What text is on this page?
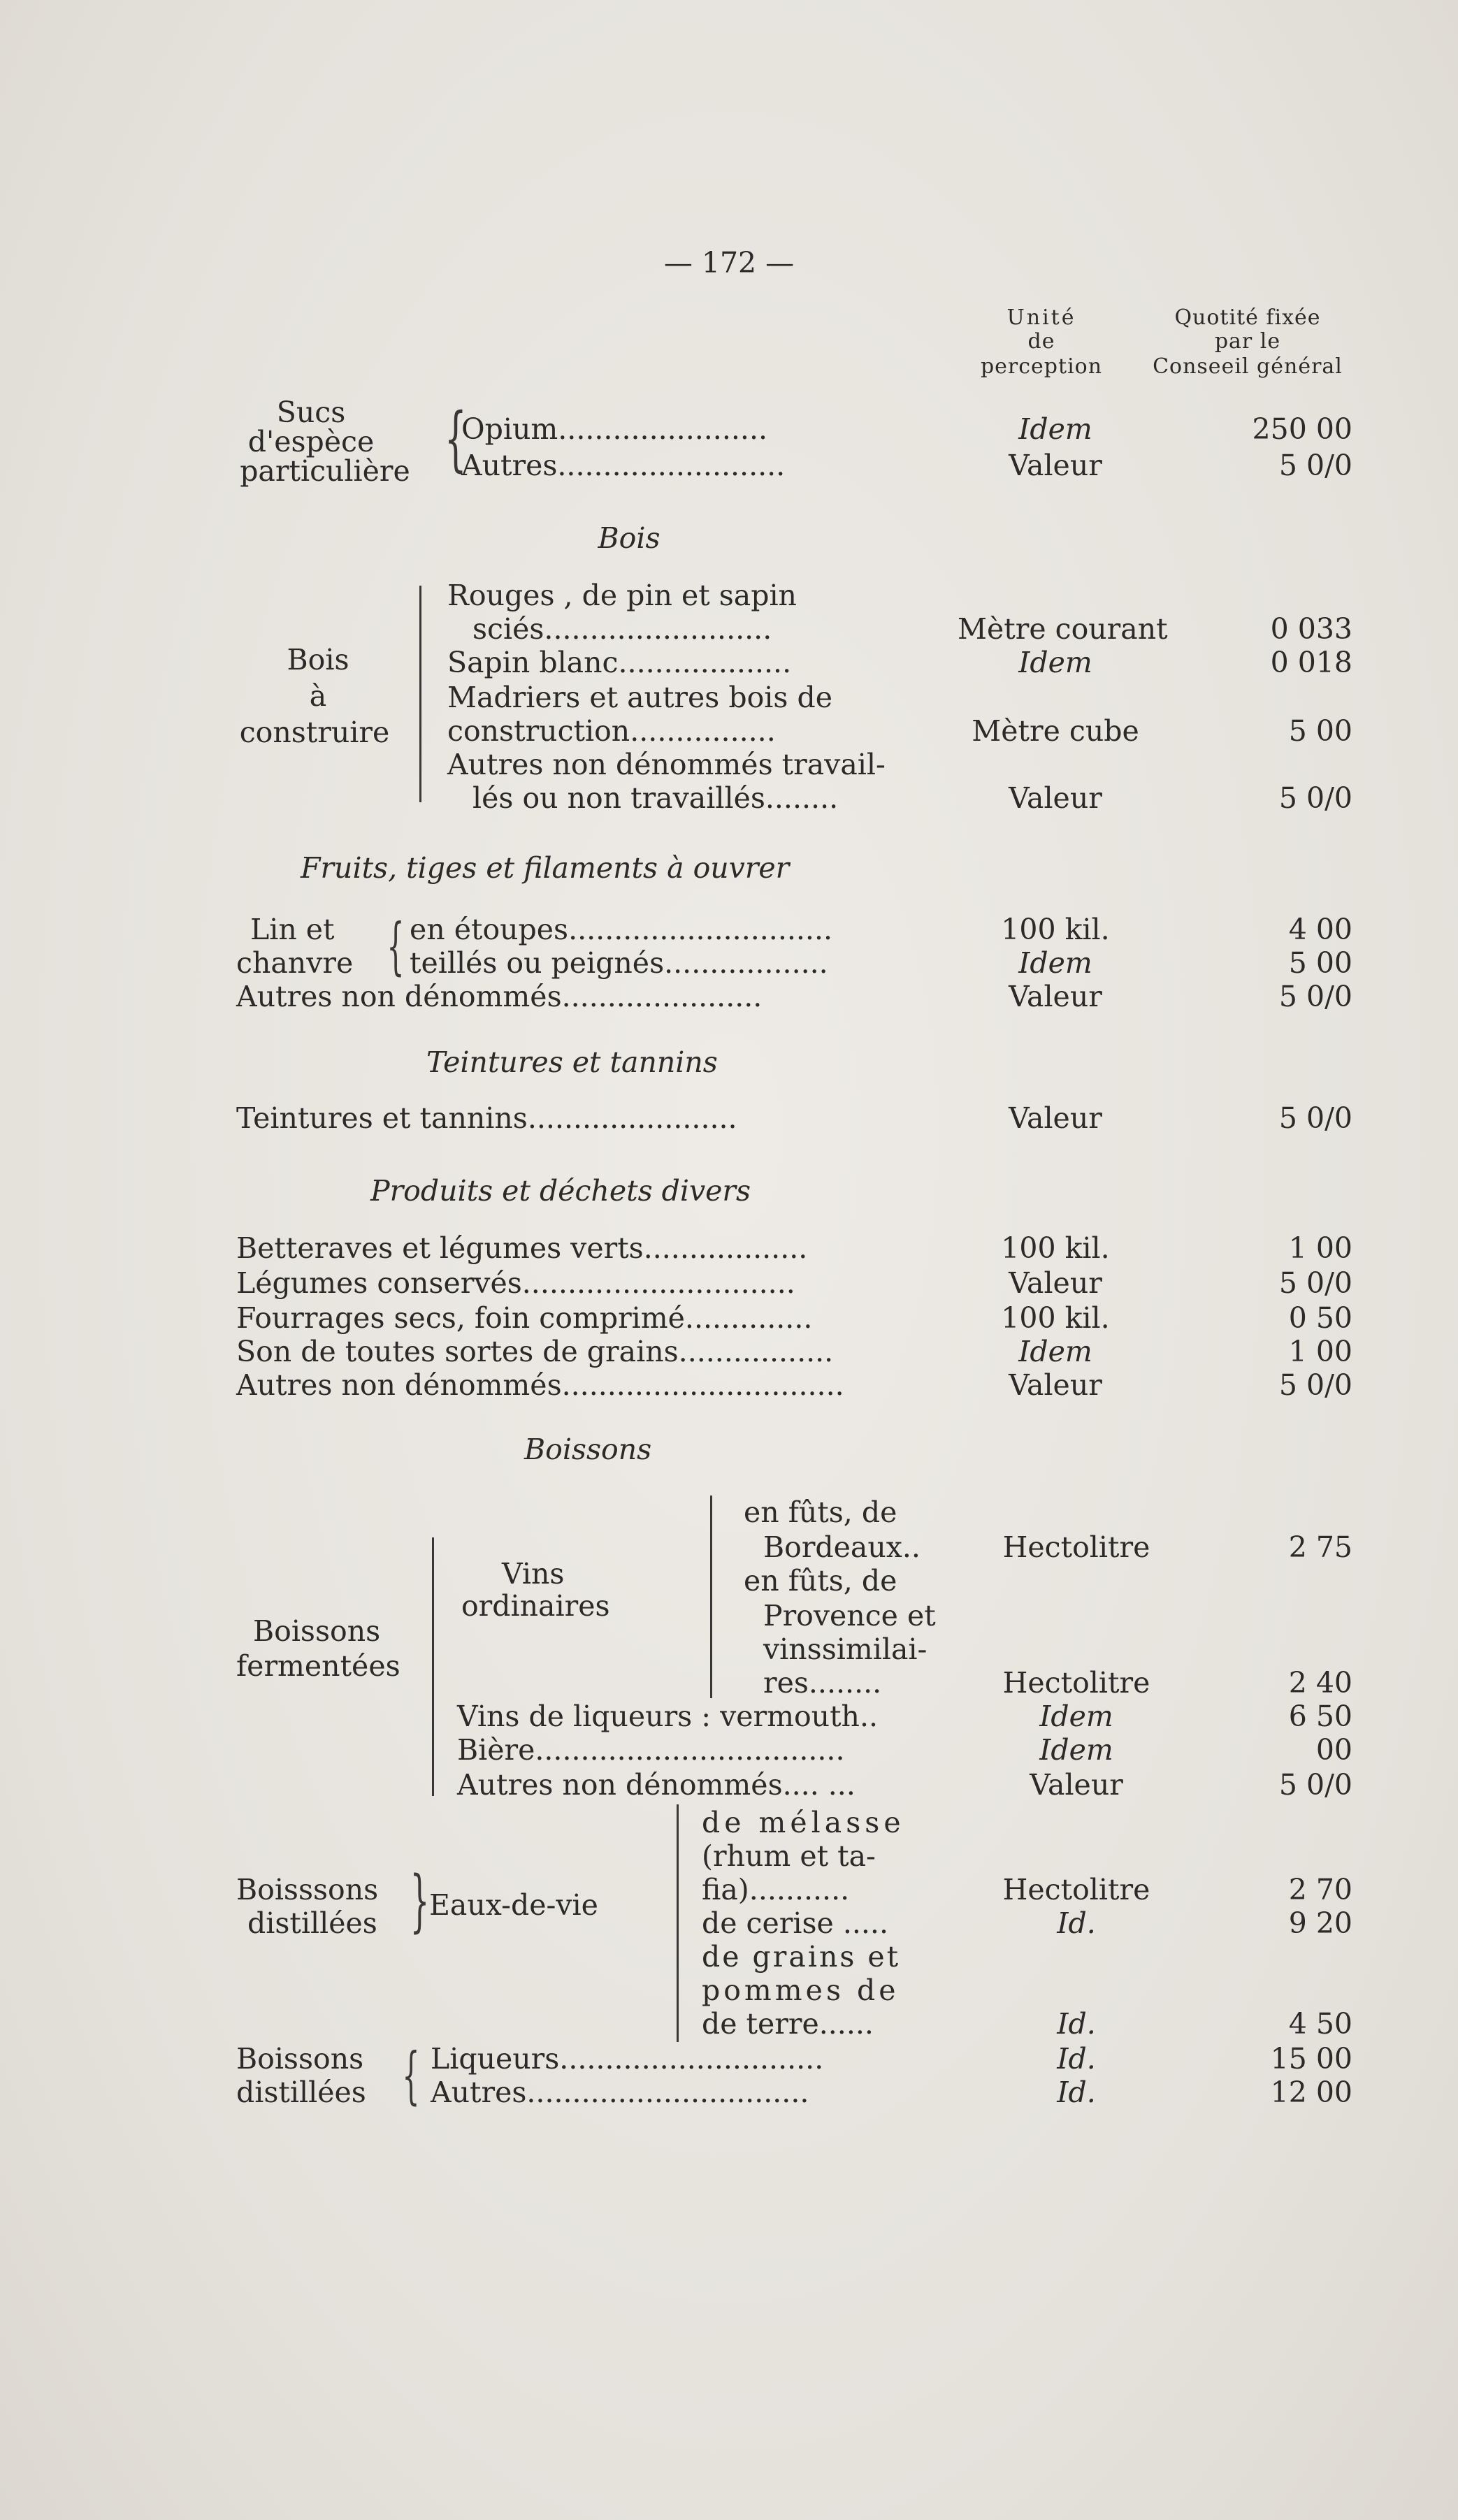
— 172 —
Unité
de
perception
Quotité fixée
par le
Conseeil général
Sucs
d'espèce
particulière {
Opium.......................	Idem	250 00
Autres.........................	Valeur	5 0/0
Bois
Bois
à
construire
Rouges , de pin et sapin
sciés.........................	Mètre courant	0 033
Sapin blanc...................	Idem	0 018
Madriers et autres bois de
construction................	Mètre cube	5 00
Autres non dénommés travail-
lés ou non travaillés........	Valeur	5 0/0
Fruits, tiges et filaments à ouvrer
Lin et
chanvre { en étoupes.............................	100 kil.	4 00
teillés ou peignés..................	Idem	5 00
Autres non dénommés......................	Valeur	5 0/0
Teintures et tannins
Teintures et tannins.......................	Valeur	5 0/0
Produits et déchets divers
Betteraves et légumes verts..................	100 kil.	1 00
Légumes conservés..............................	Valeur	5 0/0
Fourrages secs, foin comprimé..............	100 kil.	0 50
Son de toutes sortes de grains.................	Idem	1 00
Autres non dénommés...............................	Valeur	5 0/0
Boissons
Boissons
fermentées
Vins
ordinaires
en fûts, de
Bordeaux..	Hectolitre	2 75
en fûts, de
Provence et
vinssimilai-
res........	Hectolitre	2 40
Vins de liqueurs : vermouth..	Idem	6 50
Bière..................................	Idem	00
Autres non dénommés.... ...	Valeur	5 0/0
Boisssons
distillées } Eaux-de-vie
de mélasse
(rhum et ta-
fia)...........	Hectolitre	2 70
de cerise .....	Id.	9 20
de grains et
pommes de
de terre......	Id.	4 50
Boissons
distillées { Liqueurs.............................	Id.	15 00
Autres...............................	Id.	12 00
